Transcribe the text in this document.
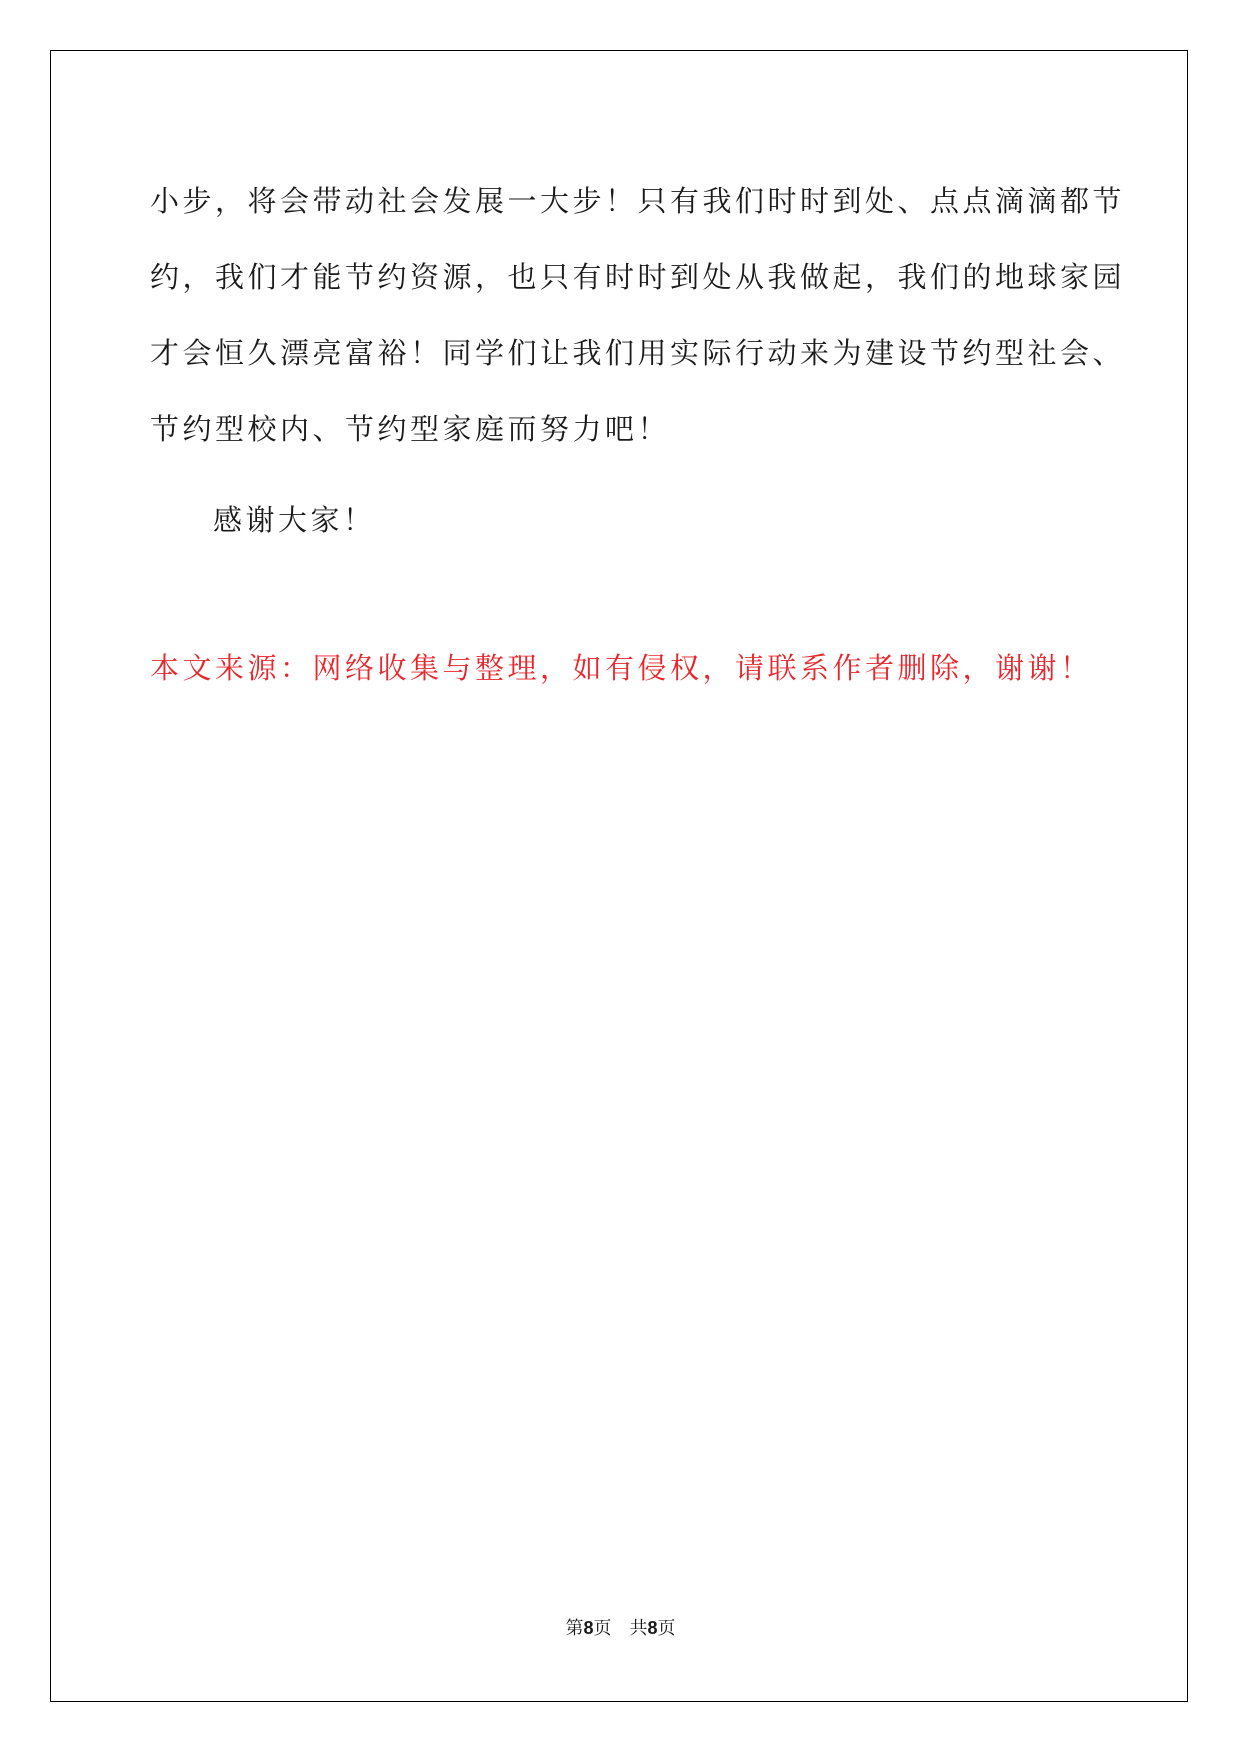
小步，将会带动社会发展一大步！只有我们时时到处、点点滴滴都节
约，我们才能节约资源，也只有时时到处从我做起，我们的地球家园
才会恒久漂亮富裕！同学们让我们用实际行动来为建设节约型社会、
节约型校内、节约型家庭而努力吧！

感谢大家！

本文来源：网络收集与整理，如有侵权，请联系作者删除，谢谢！

第8页 共8页
